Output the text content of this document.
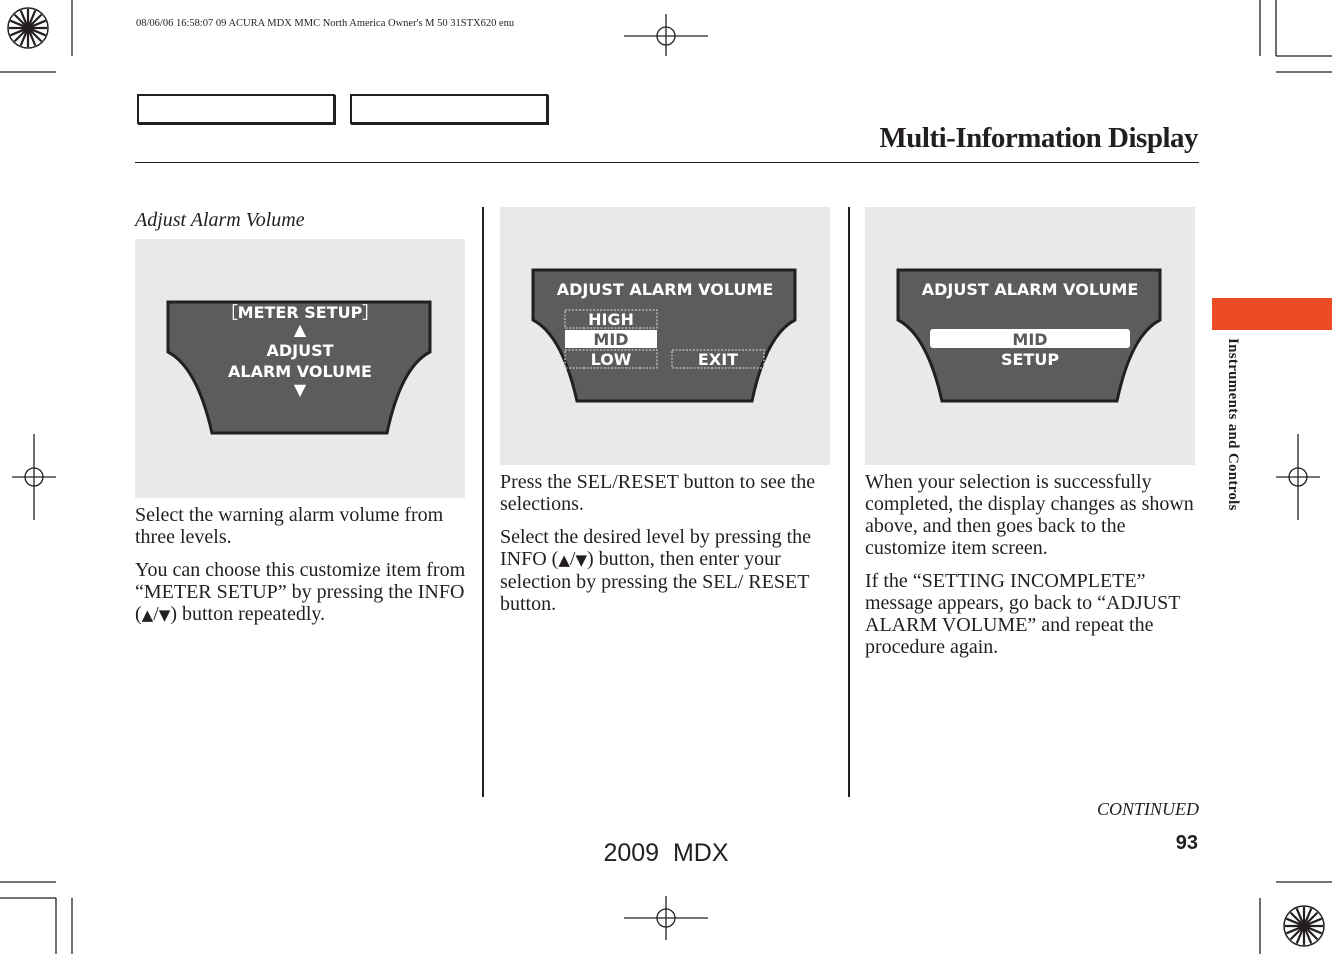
08/06/06 16:58:07 09 ACURA MDX MMC North America Owner's M 50 31STX620 enu
Multi-Information Display
Adjust Alarm Volume
［METER SETUP］
▲
ADJUST
ALARM VOLUME
▼
ADJUST ALARM VOLUME
HIGH
MID
LOW	EXIT
ADJUST ALARM VOLUME
MID
SETUP

Select the warning alarm volume from three levels.

You can choose this customize item from “METER SETUP” by pressing the INFO (▲/▼) button repeatedly.

Press the SEL/RESET button to see the selections.

Select the desired level by pressing the INFO (▲/▼) button, then enter your selection by pressing the SEL/ RESET button.

When your selection is successfully completed, the display changes as shown above, and then goes back to the customize item screen.

If the “SETTING INCOMPLETE” message appears, go back to “ADJUST ALARM VOLUME” and repeat the procedure again.

Instruments and Controls
CONTINUED
93
2009  MDX
